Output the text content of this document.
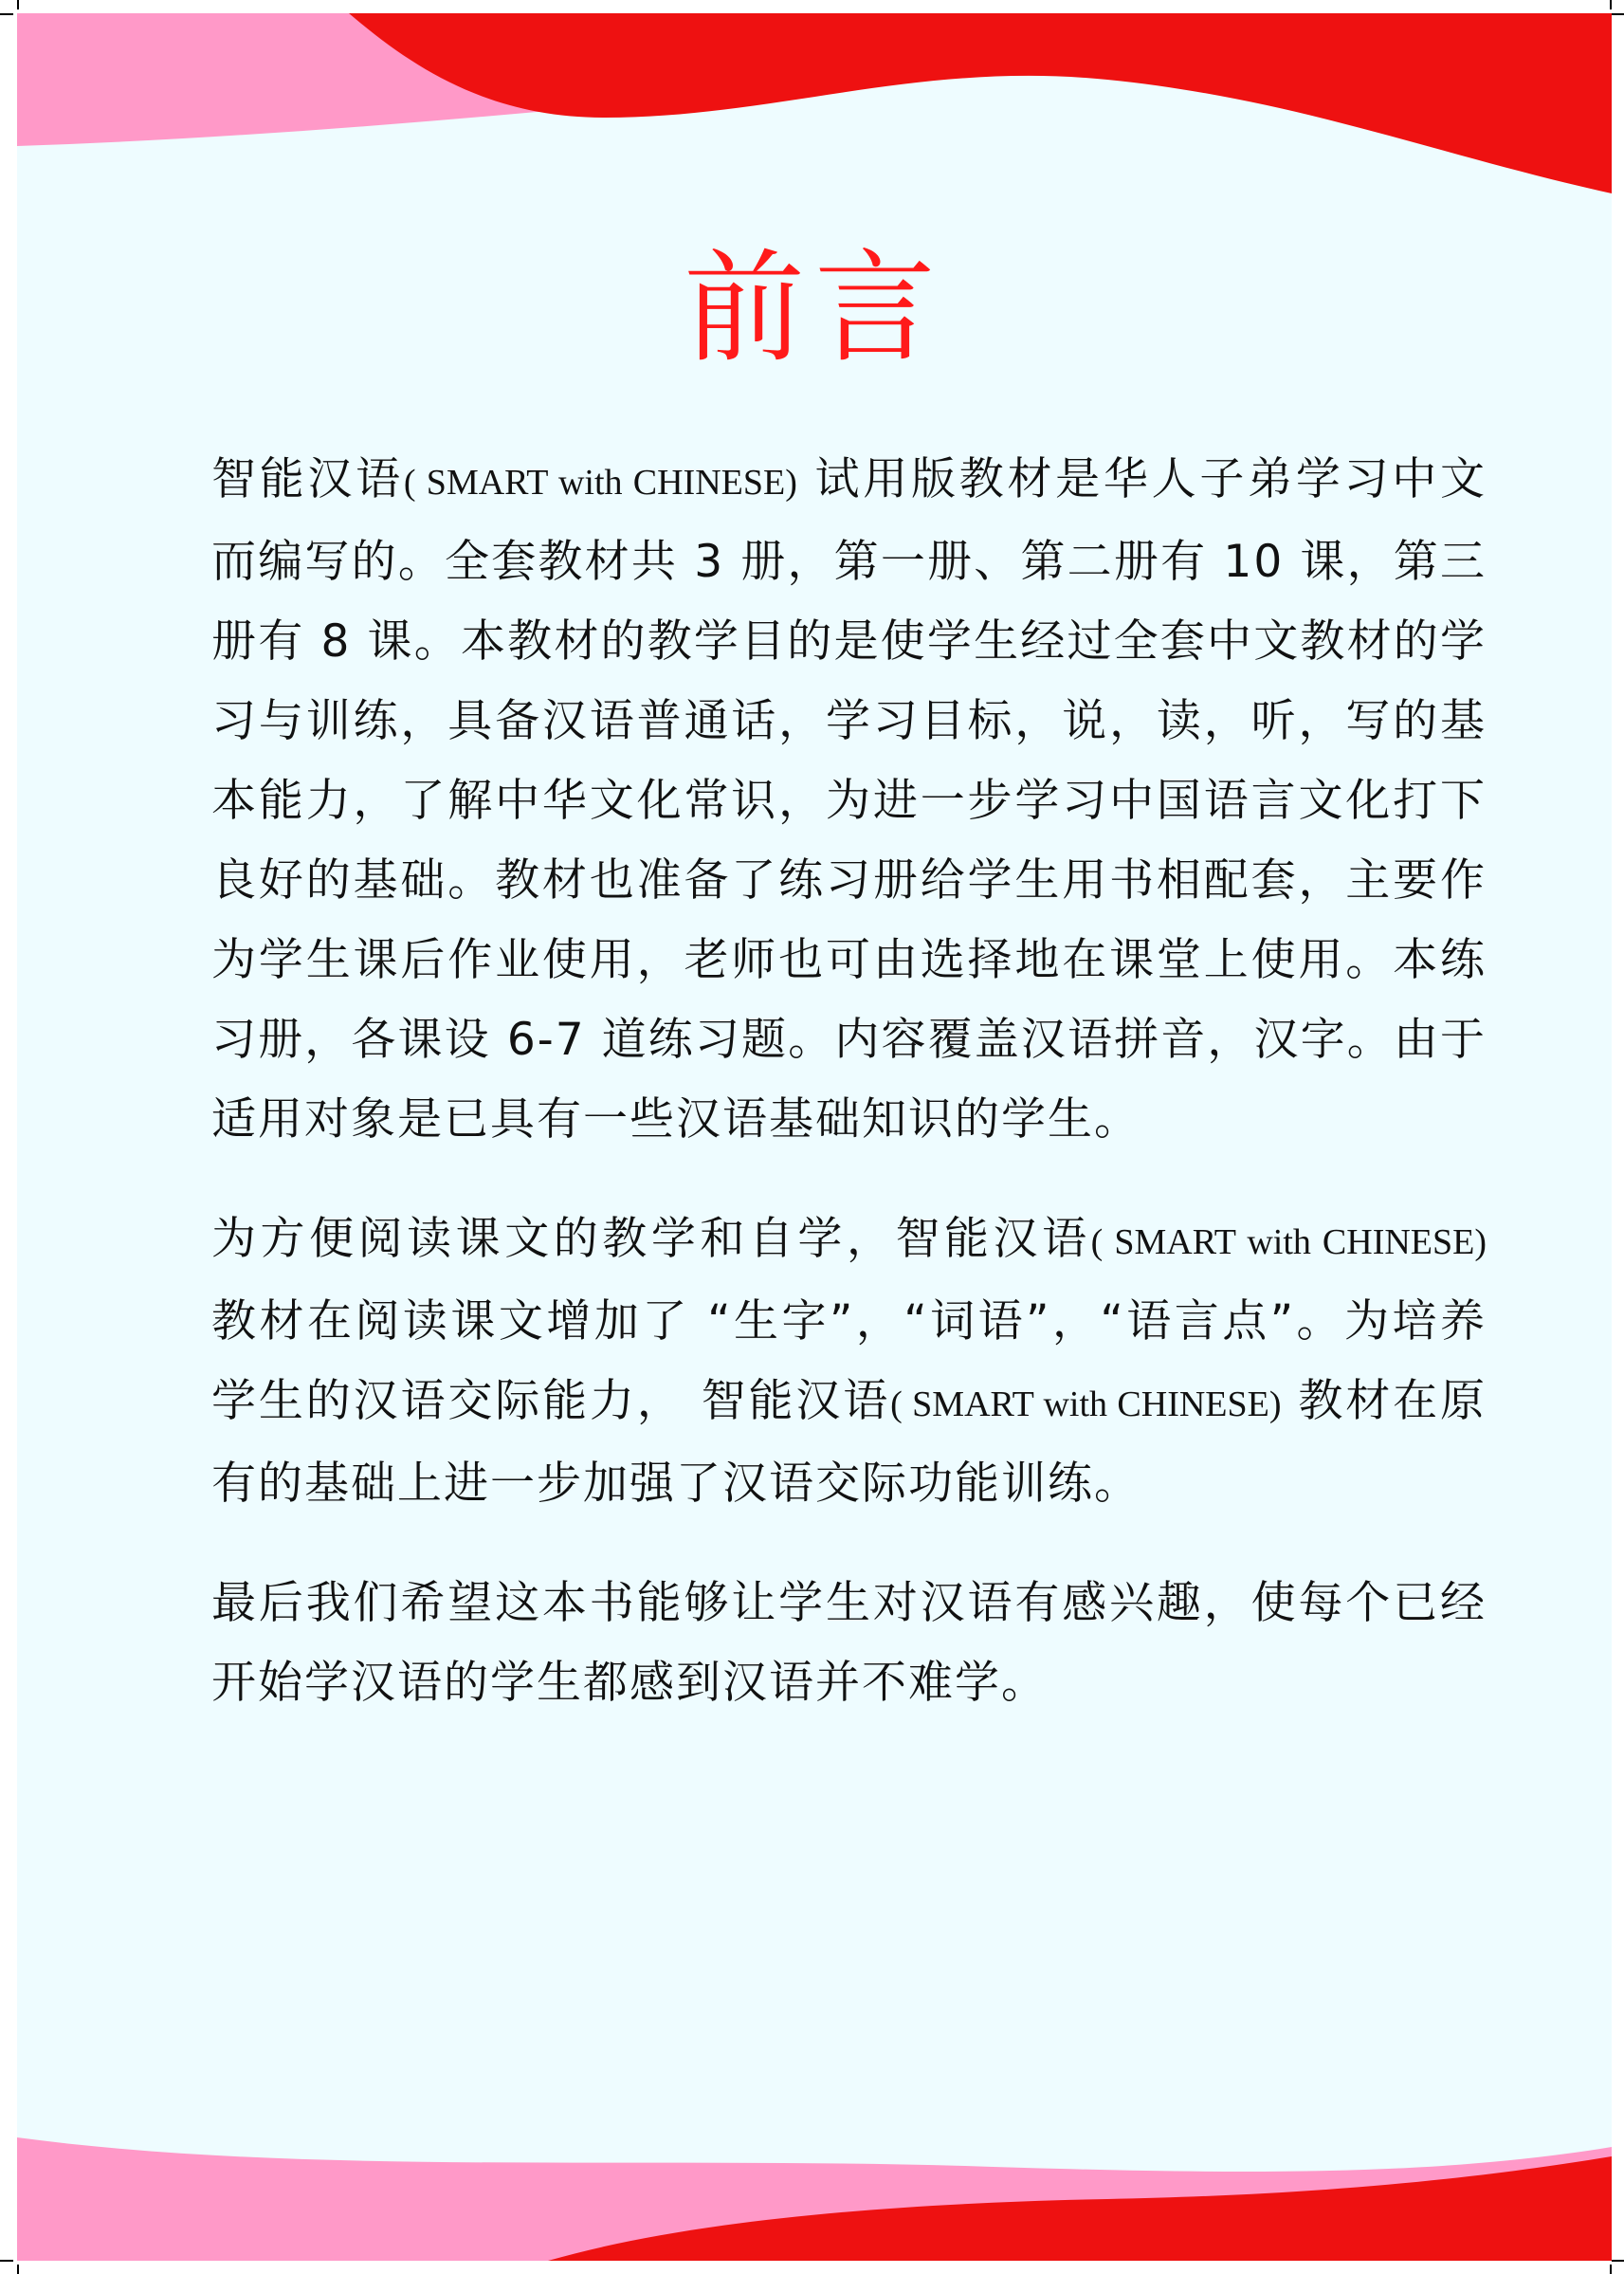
前言

智能汉语( SMART with CHINESE) 试用版教材是华人子弟学习中文而编写的。全套教材共 3 册，第一册、第二册有 10 课，第三册有 8 课。本教材的教学目的是使学生经过全套中文教材的学习与训练，具备汉语普通话，学习目标，说，读，听，写的基本能力，了解中华文化常识，为进一步学习中国语言文化打下良好的基础。教材也准备了练习册给学生用书相配套，主要作为学生课后作业使用，老师也可由选择地在课堂上使用。本练习册，各课设 6-7 道练习题。内容覆盖汉语拼音，汉字。由于适用对象是已具有一些汉语基础知识的学生。

为方便阅读课文的教学和自学，智能汉语( SMART with CHINESE) 教材在阅读课文增加了 “生字”，“词语”，“语言点”。为培养学生的汉语交际能力， 智能汉语( SMART with CHINESE) 教材在原有的基础上进一步加强了汉语交际功能训练。

最后我们希望这本书能够让学生对汉语有感兴趣，使每个已经开始学汉语的学生都感到汉语并不难学。
